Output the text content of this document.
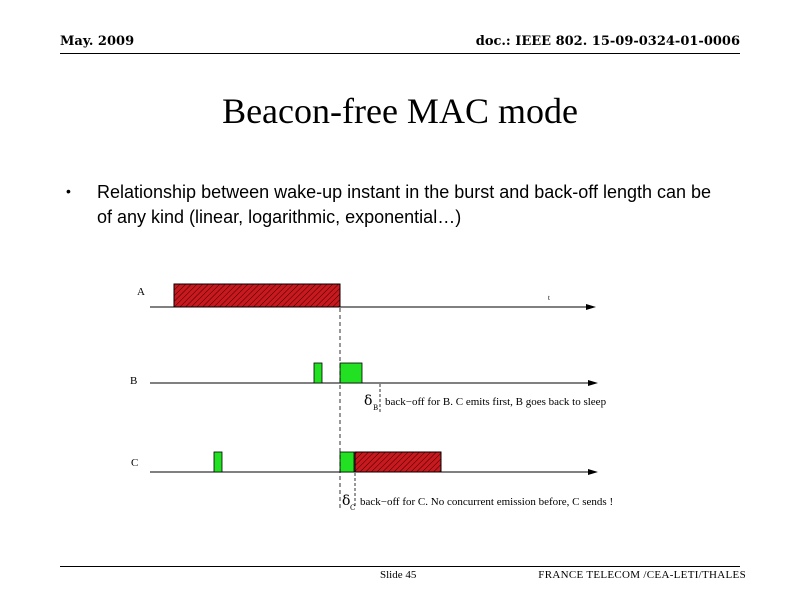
May. 2009	doc.: IEEE 802. 15-09-0324-01-0006
Beacon-free MAC mode
• Relationship between wake-up instant in the burst and back-off length can be of any kind (linear, logarithmic, exponential…)
A	t
B
δ B back−off for B. C emits first, B goes back to sleep
C
δ C back−off for C. No concurrent emission before, C sends !
Slide 45	FRANCE TELECOM /CEA-LETI/THALES
